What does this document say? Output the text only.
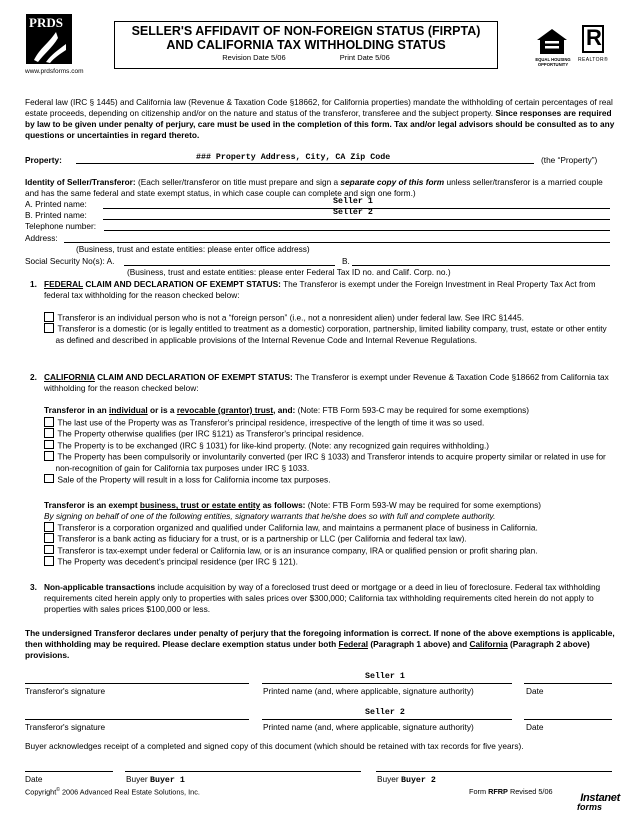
PRDS
www.prdsforms.com
SELLER'S AFFIDAVIT OF NON-FOREIGN STATUS (FIRPTA)
AND CALIFORNIA TAX WITHHOLDING STATUS
Revision Date 5/06	Print Date 5/06	EQUAL HOUSING OPPORTUNITY
R
REALTOR®
Federal law (IRC § 1445) and California law (Revenue & Taxation Code §18662, for California properties) mandate the withholding of certain percentages of real estate proceeds, depending on citizenship and/or on the nature and status of the transferor, transferee and the subject property. Since responses are required by law to be given under penalty of perjury, care must be used in the completion of this form. Tax and/or legal advisors should be consulted as to any questions or uncertainties in regard thereto.
Property:	### Property Address, City, CA Zip Code	(the “Property”)
Identity of Seller/Transferor: (Each seller/transferor on title must prepare and sign a separate copy of this form unless seller/transferor is a married couple and has the same federal and state exempt status, in which case couple can complete and sign one form.)
A. Printed name:	Seller 1
B. Printed name:	Seller 2
Telephone number:
Address:
(Business, trust and estate entities: please enter office address)
Social Security No(s): A.	B.
(Business, trust and estate entities: please enter Federal Tax ID no. and Calif. Corp. no.)
1. FEDERAL CLAIM AND DECLARATION OF EXEMPT STATUS: The Transferor is exempt under the Foreign Investment in Real Property Tax Act from federal tax withholding for the reason checked below:

Transferor is an individual person who is not a “foreign person” (i.e., not a nonresident alien) under federal law. See IRC §1445.

Transferor is a domestic (or is legally entitled to treatment as a domestic) corporation, partnership, limited liability company, trust, estate or other entity as defined and described in applicable provisions of the Internal Revenue Code and Internal Revenue Regulations.

2. CALIFORNIA CLAIM AND DECLARATION OF EXEMPT STATUS: The Transferor is exempt under Revenue & Taxation Code §18662 from California tax withholding for the reason checked below:
Transferor in an individual or is a revocable (grantor) trust, and: (Note: FTB Form 593-C may be required for some exemptions)

The last use of the Property was as Transferor's principal residence, irrespective of the length of time it was so used.

The Property otherwise qualifies (per IRC §121) as Transferor's principal residence.

The Property is to be exchanged (IRC § 1031) for like-kind property. (Note: any recognized gain requires withholding.)

The Property has been compulsorily or involuntarily converted (per IRC § 1033) and Transferor intends to acquire property similar or related in use for non-recognition of gain for California tax purposes under IRC § 1033.

Sale of the Property will result in a loss for California income tax purposes.

Transferor is an exempt business, trust or estate entity as follows: (Note: FTB Form 593-W may be required for some exemptions)
By signing on behalf of one of the following entities, signatory warrants that he/she does so with full and complete authority.

Transferor is a corporation organized and qualified under California law, and maintains a permanent place of business in California.

Transferor is a bank acting as fiduciary for a trust, or is a partnership or LLC (per California and federal tax law).

Transferor is tax-exempt under federal or California law, or is an insurance company, IRA or qualified pension or profit sharing plan.

The Property was decedent's principal residence (per IRC § 121).

3. Non-applicable transactions include acquisition by way of a foreclosed trust deed or mortgage or a deed in lieu of foreclosure. Federal tax withholding requirements cited herein apply only to properties with sales prices over $300,000; California tax withholding requirements cited herein do not apply to properties with sales prices $100,000 or less.
The undersigned Transferor declares under penalty of perjury that the foregoing information is correct. If none of the above exemptions is applicable, then withholding may be required. Please declare exemption status under both Federal (Paragraph 1 above) and California (Paragraph 2 above) provisions.
Seller 1
Transferor's signature	Printed name (and, where applicable, signature authority)	Date
Seller 2
Transferor's signature	Printed name (and, where applicable, signature authority)	Date
Buyer acknowledges receipt of a completed and signed copy of this document (which should be retained with tax records for five years).
Date	Buyer Buyer 1	Buyer Buyer 2
Copyright© 2006 Advanced Real Estate Solutions, Inc.	Form RFRP Revised 5/06
Instanet
forms
